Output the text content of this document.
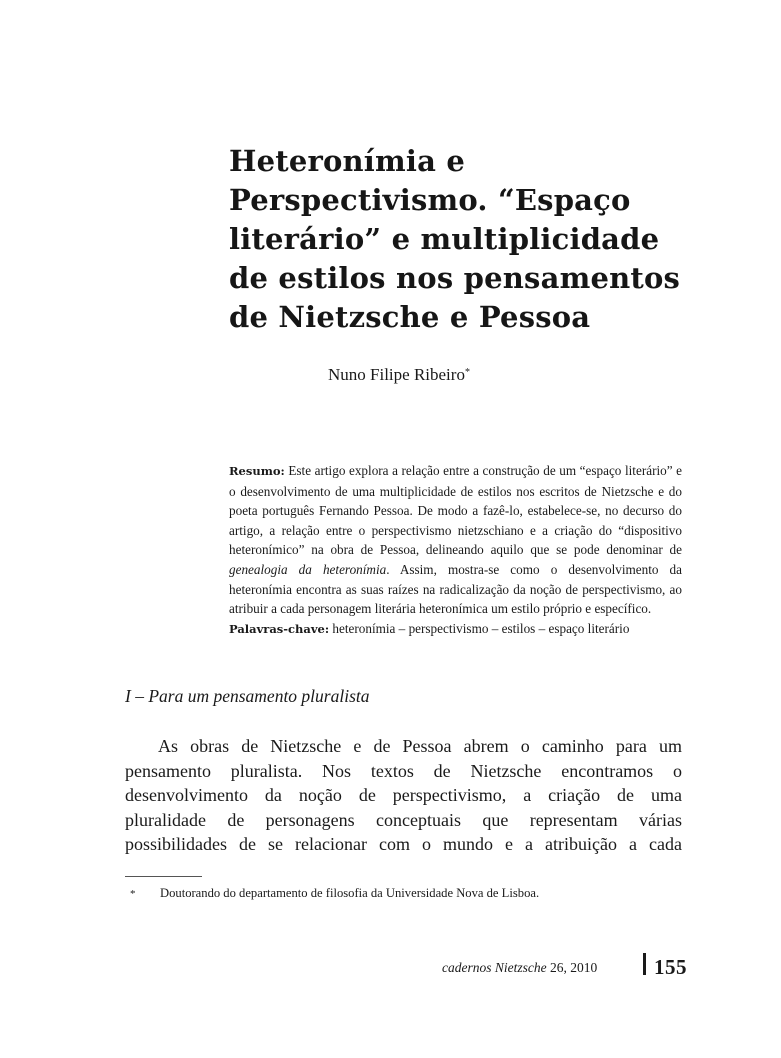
Heteronímia e
Perspectivismo. “Espaço
literário” e multiplicidade
de estilos nos pensamentos
de Nietzsche e Pessoa
Nuno Filipe Ribeiro*

Resumo: Este artigo explora a relação entre a construção de um “espaço literário” e o desenvolvimento de uma multiplicidade de estilos nos escritos de Nietzsche e do poeta português Fernando Pessoa. De modo a fazê-lo, estabelece-se, no decurso do artigo, a relação entre o perspectivismo nietzschiano e a criação do “dispositivo heteronímico” na obra de Pessoa, delineando aquilo que se pode denominar de genealogia da heteronímia. Assim, mostra-se como o desenvolvimento da heteronímia encontra as suas raízes na radicalização da noção de perspectivismo, ao atribuir a cada personagem literária heteronímica um estilo próprio e específico.

Palavras-chave: heteronímia – perspectivismo – estilos – espaço literário

I – Para um pensamento pluralista

As obras de Nietzsche e de Pessoa abrem o caminho para um
pensamento pluralista. Nos textos de Nietzsche encontramos o
desenvolvimento da noção de perspectivismo, a criação de uma
pluralidade de personagens conceptuais que representam várias
possibilidades de se relacionar com o mundo e a atribuição a cada

* Doutorando do departamento de filosofia da Universidade Nova de Lisboa.
cadernos Nietzsche 26, 2010	155
